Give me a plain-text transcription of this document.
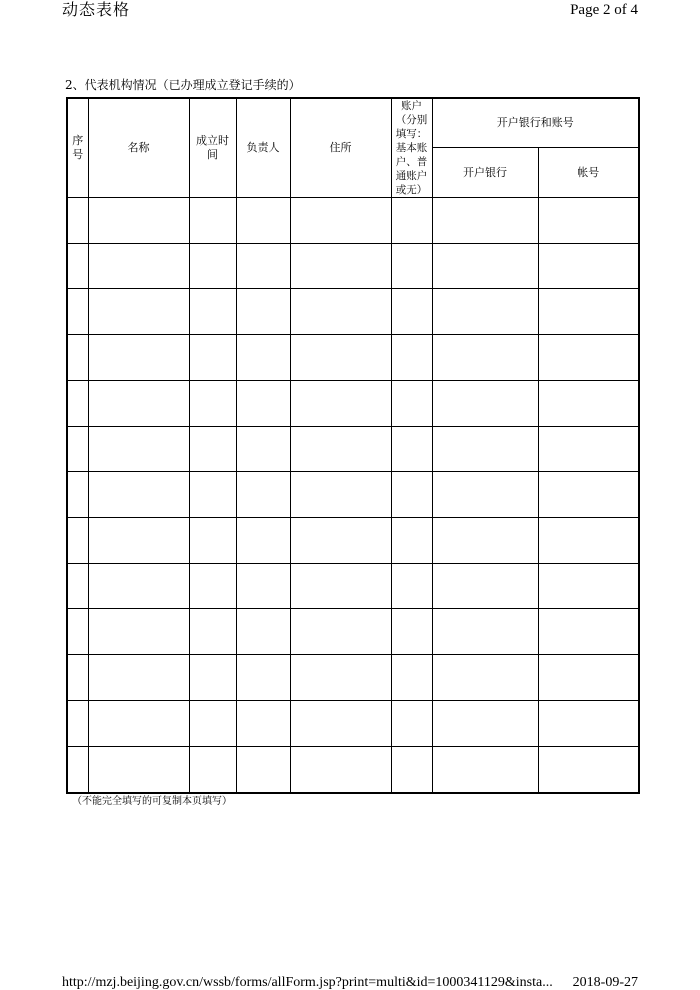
动态表格	Page 2 of 4
2、代表机构情况（已办理成立登记手续的）
序号	名称	成立时间	负责人	住所	账户（分别填写：基本账户、普通账户或无）	开户银行和账号	
						开户银行	帐号

（不能完全填写的可复制本页填写）
http://mzj.beijing.gov.cn/wssb/forms/allForm.jsp?print=multi&id=1000341129&insta... 2018-09-27
